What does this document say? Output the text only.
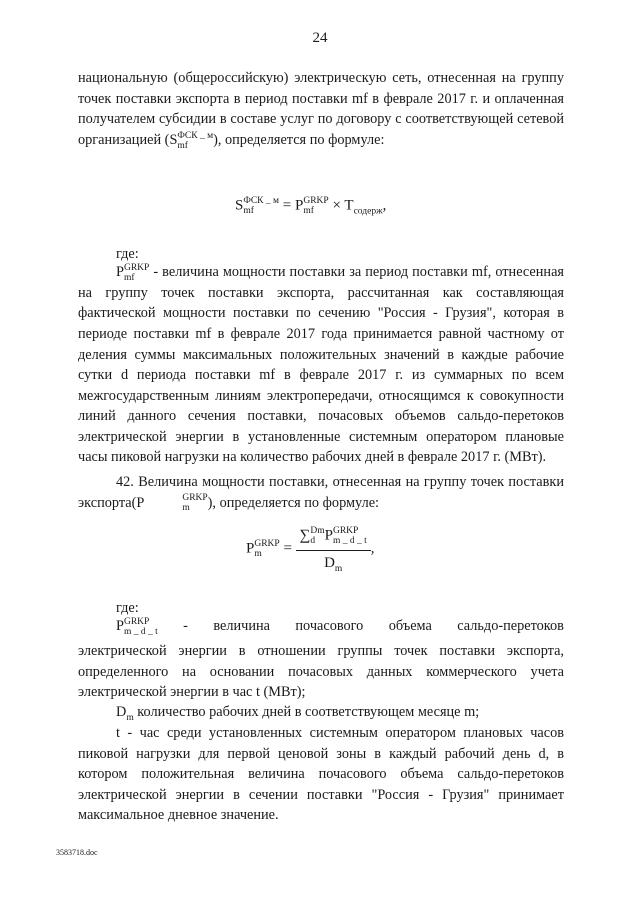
24

национальную (общероссийскую) электрическую сеть, отнесенная на группу точек поставки экспорта в период поставки mf в феврале 2017 г. и оплаченная получателем субсидии в составе услуг по договору с соответствующей сетевой организацией (S ФСК _ м
mf	), определяется по формуле:

S ФСК _ м
mf	= P GRKP
mf × $T_{содерж}$,

где:

P GRKP
mf	- величина мощности поставки за период поставки mf, отнесенная на группу точек поставки экспорта, рассчитанная как составляющая фактической мощности поставки по сечению "Россия - Грузия", которая в периоде поставки mf в феврале 2017 года принимается равной частному от деления суммы максимальных положительных значений в каждые рабочие сутки d периода поставки mf в феврале 2017 г. из суммарных по всем межгосударственным линиям электропередачи, относящимся к совокупности линий данного сечения поставки, почасовых объемов сальдо-перетоков электрической энергии в установленные системным оператором плановые часы пиковой нагрузки на количество рабочих дней в феврале 2017 г. (МВт).

42. Величина мощности поставки, отнесенная на группу точек поставки экспорта(P	GRKP
m	), определяется по формуле:

P GRKP
m	= ∑ Dm
d P GRKP
m _ d _ t
$D_m$ ,

где:

P GRKP
m _ d _ t - величина почасового объема сальдо-перетоков

электрической энергии в отношении группы точек поставки экспорта, определенного на основании почасовых данных коммерческого учета электрической энергии в час t (МВт);

$D_m$ количество рабочих дней в соответствующем месяце m;

t - час среди установленных системным оператором плановых часов пиковой нагрузки для первой ценовой зоны в каждый рабочий день d, в котором положительная величина почасового объема сальдо-перетоков электрической энергии в сечении поставки "Россия - Грузия" принимает максимальное дневное значение.

3583718.doc
